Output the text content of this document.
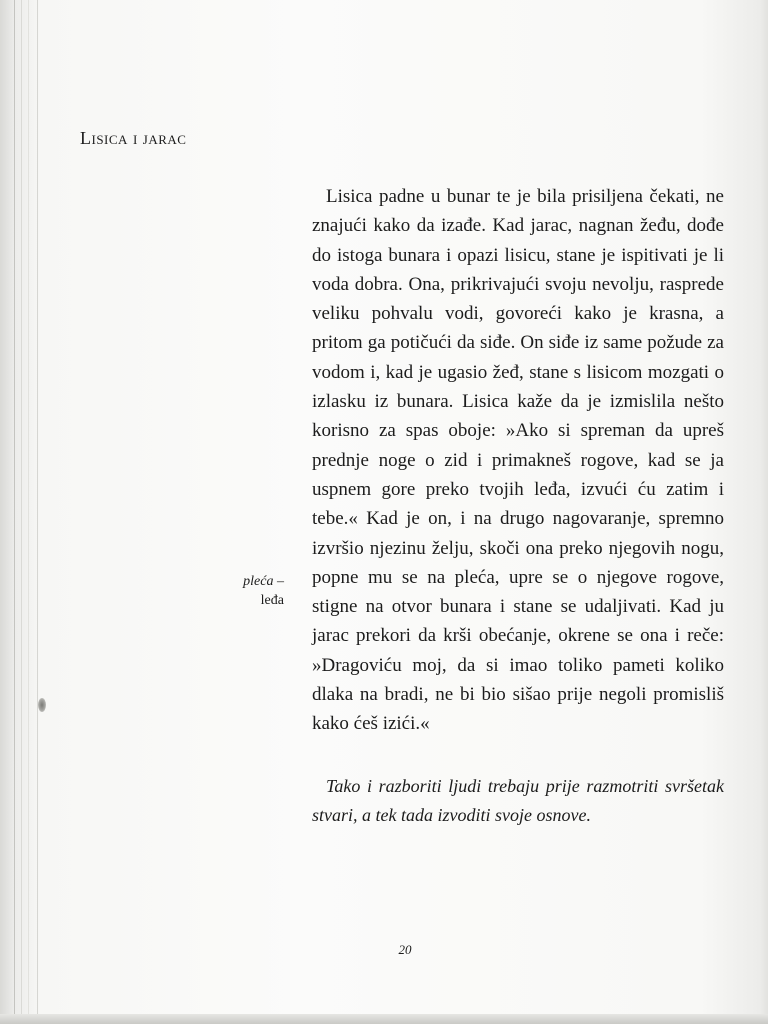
Lisica i jarac

Lisica padne u bunar te je bila prisiljena čekati, ne znajući kako da izađe. Kad jarac, nagnan žeđu, dođe do istoga bunara i opazi lisicu, stane je ispitivati je li voda dobra. Ona, prikrivajući svoju nevolju, rasprede veliku pohvalu vodi, govoreći kako je krasna, a pritom ga potičući da siđe. On siđe iz same požude za vodom i, kad je ugasio žeđ, stane s lisicom mozgati o izlasku iz bunara. Lisica kaže da je izmislila nešto korisno za spas oboje: »Ako si spreman da upreš prednje noge o zid i primakneš rogove, kad se ja uspnem gore preko tvojih leđa, izvući ću zatim i tebe.« Kad je on, i na drugo nagovaranje, spremno izvršio njezinu želju, skoči ona preko njegovih nogu, popne mu se na pleća, upre se o njegove rogove, stigne na otvor bunara i stane se udaljivati. Kad ju jarac prekori da krši obećanje, okrene se ona i reče: »Dragoviću moj, da si imao toliko pameti koliko dlaka na bradi, ne bi bio sišao prije negoli promisliš kako ćeš izići.«

pleća –
leđa
Tako i razboriti ljudi trebaju prije razmotriti svršetak stvari, a tek tada izvoditi svoje osnove.
20
